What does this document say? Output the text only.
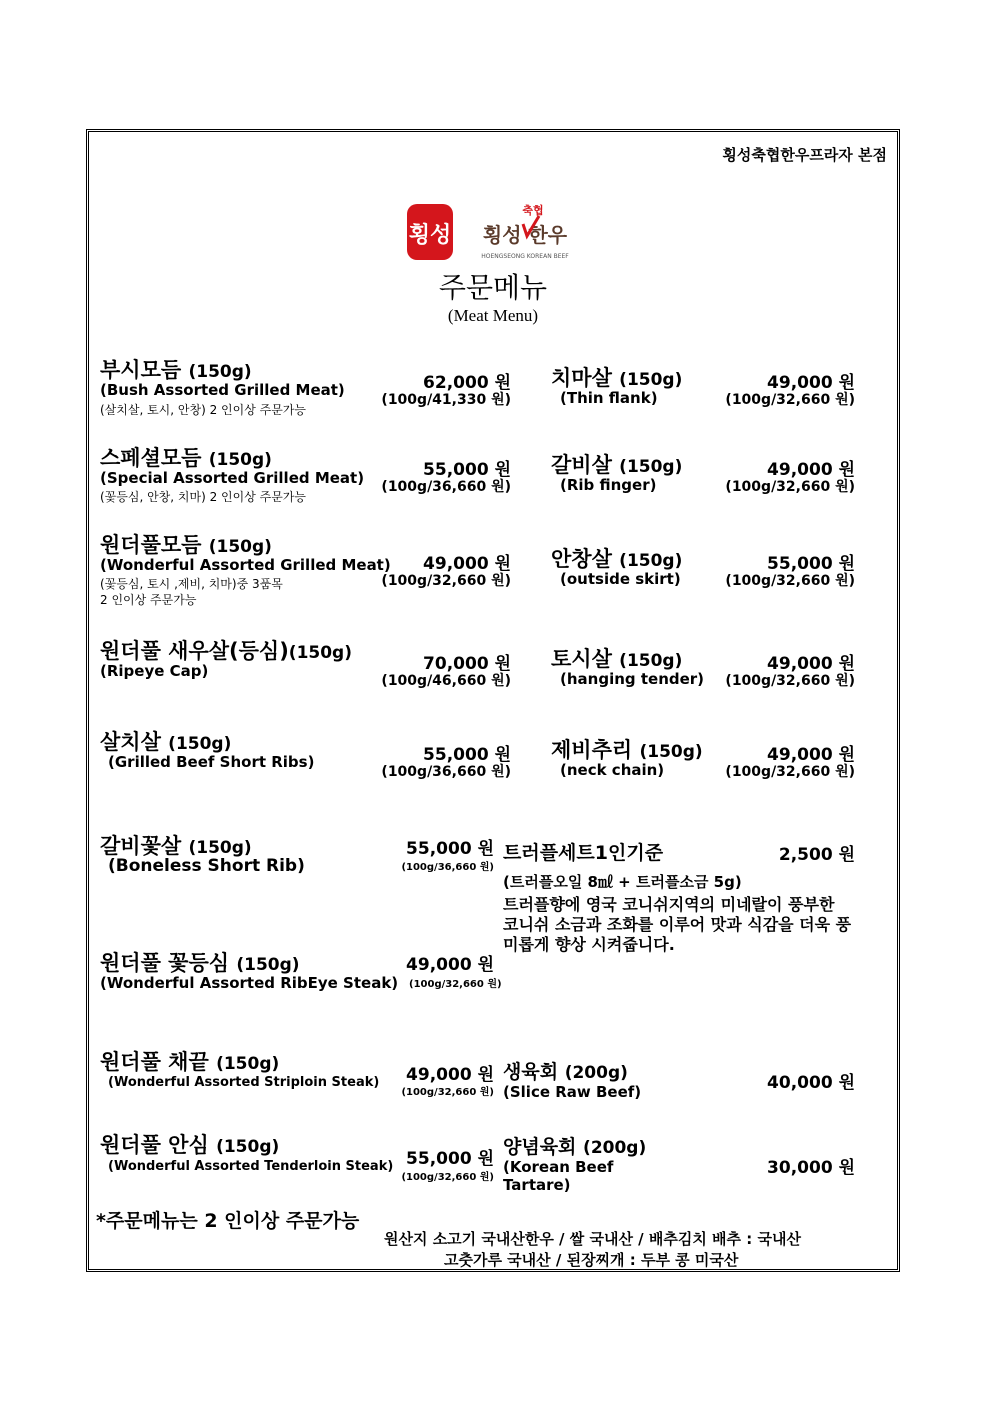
횡성축협한우프라자 본점
횡성
축협
횡성 한우
HOENGSEONG KOREAN BEEF
주문메뉴
(Meat Menu)
부시모듬 (150g)
(Bush Assorted Grilled Meat)
(살치살, 토시, 안창) 2 인이상 주문가능
62,000 원
(100g/41,330 원)
스페셜모듬 (150g)
(Special Assorted Grilled Meat)
(꽃등심, 안창, 치마) 2 인이상 주문가능
55,000 원
(100g/36,660 원)
원더풀모듬 (150g)
(Wonderful Assorted Grilled Meat)
(꽃등심, 토시 ,제비, 치마)중 3품목
2 인이상 주문가능
49,000 원
(100g/32,660 원)
원더풀 새우살(등심)(150g)
(Ripeye Cap)	70,000 원
(100g/46,660 원)
살치살 (150g)
(Grilled Beef Short Ribs)	55,000 원
(100g/36,660 원)
갈비꽃살 (150g)
(Boneless Short Rib)
55,000 원
(100g/36,660 원)
원더풀 꽃등심 (150g)
(Wonderful Assorted RibEye Steak)
49,000 원
(100g/32,660 원)
원더풀 채끝 (150g)
(Wonderful Assorted Striploin Steak) 49,000 원
(100g/32,660 원)
원더풀 안심 (150g)
(Wonderful Assorted Tenderloin Steak) 55,000 원
(100g/32,660 원)
치마살 (150g)
(Thin flank)
49,000 원
(100g/32,660 원)
갈비살 (150g)
(Rib finger)
49,000 원
(100g/32,660 원)
안창살 (150g)
(outside skirt)
55,000 원
(100g/32,660 원)
토시살 (150g)
(hanging tender)
49,000 원
(100g/32,660 원)
제비추리 (150g)
(neck chain)
49,000 원
(100g/32,660 원)
트러플세트1인기준	2,500 원
(트러플오일 8㎖ + 트러플소금 5g)
트러플향에 영국 코니쉬지역의 미네랄이 풍부한 코니쉬 소금과 조화를 이루어 맛과 식감을 더욱 풍미롭게 향상 시켜줍니다.
생육회 (200g)
(Slice Raw Beef)	40,000 원
양념육회 (200g)
(Korean Beef
Tartare)
30,000 원
*주문메뉴는 2 인이상 주문가능
원산지 소고기 국내산한우 / 쌀 국내산 / 배추김치 배추 : 국내산
고춧가루 국내산 / 된장찌개 : 두부 콩 미국산
